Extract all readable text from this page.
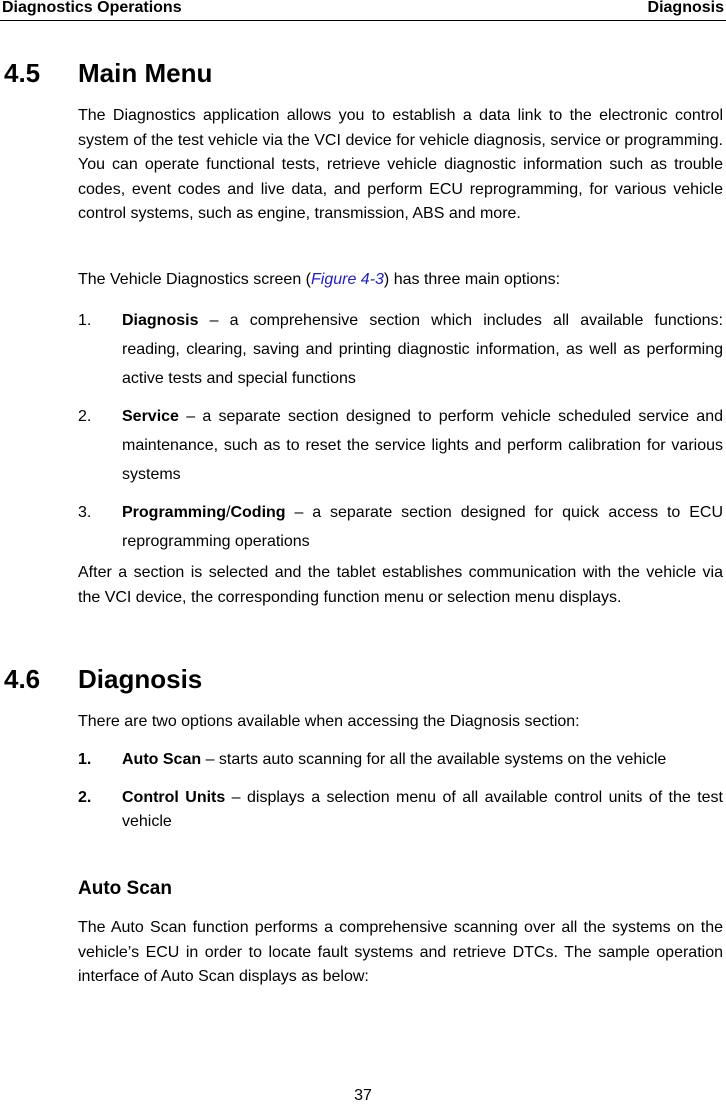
Diagnostics Operations	Diagnosis
4.5 Main Menu

The Diagnostics application allows you to establish a data link to the electronic control system of the test vehicle via the VCI device for vehicle diagnosis, service or programming. You can operate functional tests, retrieve vehicle diagnostic information such as trouble codes, event codes and live data, and perform ECU reprogramming, for various vehicle control systems, such as engine, transmission, ABS and more.

The Vehicle Diagnostics screen (Figure 4-3) has three main options:

1. Diagnosis – a comprehensive section which includes all available functions: reading, clearing, saving and printing diagnostic information, as well as performing active tests and special functions
2. Service – a separate section designed to perform vehicle scheduled service and maintenance, such as to reset the service lights and perform calibration for various systems
3. Programming/Coding – a separate section designed for quick access to ECU reprogramming operations

After a section is selected and the tablet establishes communication with the vehicle via the VCI device, the corresponding function menu or selection menu displays.

4.6 Diagnosis

There are two options available when accessing the Diagnosis section:

1. Auto Scan – starts auto scanning for all the available systems on the vehicle
2. Control Units – displays a selection menu of all available control units of the test vehicle
Auto Scan

The Auto Scan function performs a comprehensive scanning over all the systems on the vehicle’s ECU in order to locate fault systems and retrieve DTCs. The sample operation interface of Auto Scan displays as below:

37
